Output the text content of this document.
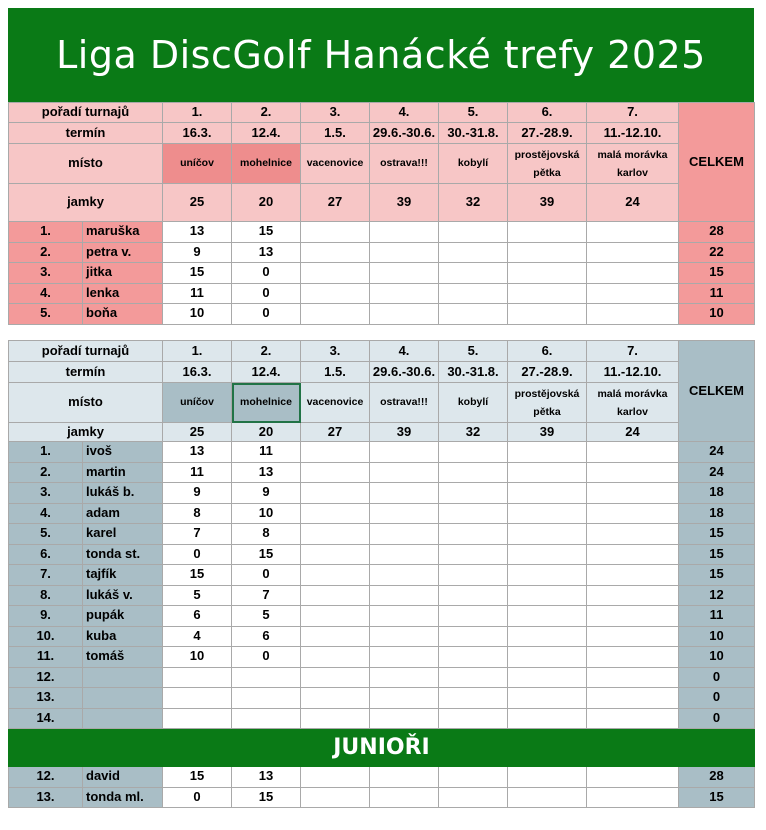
Liga DiscGolf Hanácké trefy 2025
pořadí turnajů		1.	2.	3.	4.	5.	6.	7.	CELKEM
termín		16.3.	12.4.	1.5.	29.6.-30.6.	30.-31.8.	27.-28.9.	11.-12.10.	
místo		uníčov	mohelnice	vacenovice	ostrava!!!	kobylí	prostějovská pětka	malá morávka karlov	
jamky		25	20	27	39	32	39	24	
1.	maruška	13	15						28
2.	petra v.	9	13						22
3.	jitka	15	0						15
4.	lenka	11	0						11
5.	boňa	10	0						10
pořadí turnajů		1.	2.	3.	4.	5.	6.	7.	CELKEM
termín		16.3.	12.4.	1.5.	29.6.-30.6.	30.-31.8.	27.-28.9.	11.-12.10.	
místo		uníčov	mohelnice	vacenovice	ostrava!!!	kobylí	prostějovská pětka	malá morávka karlov	
jamky		25	20	27	39	32	39	24	
1.	ivoš	13	11						24
2.	martin	11	13						24
3.	lukáš b.	9	9						18
4.	adam	8	10						18
5.	karel	7	8						15
6.	tonda st.	0	15						15
7.	tajfík	15	0						15
8.	lukáš v.	5	7						12
9.	pupák	6	5						11
10.	kuba	4	6						10
11.	tomáš	10	0						10
12.									0
13.									0
14.									0
JUNIOŘI									
12.	david	15	13						28
13.	tonda ml.	0	15						15
